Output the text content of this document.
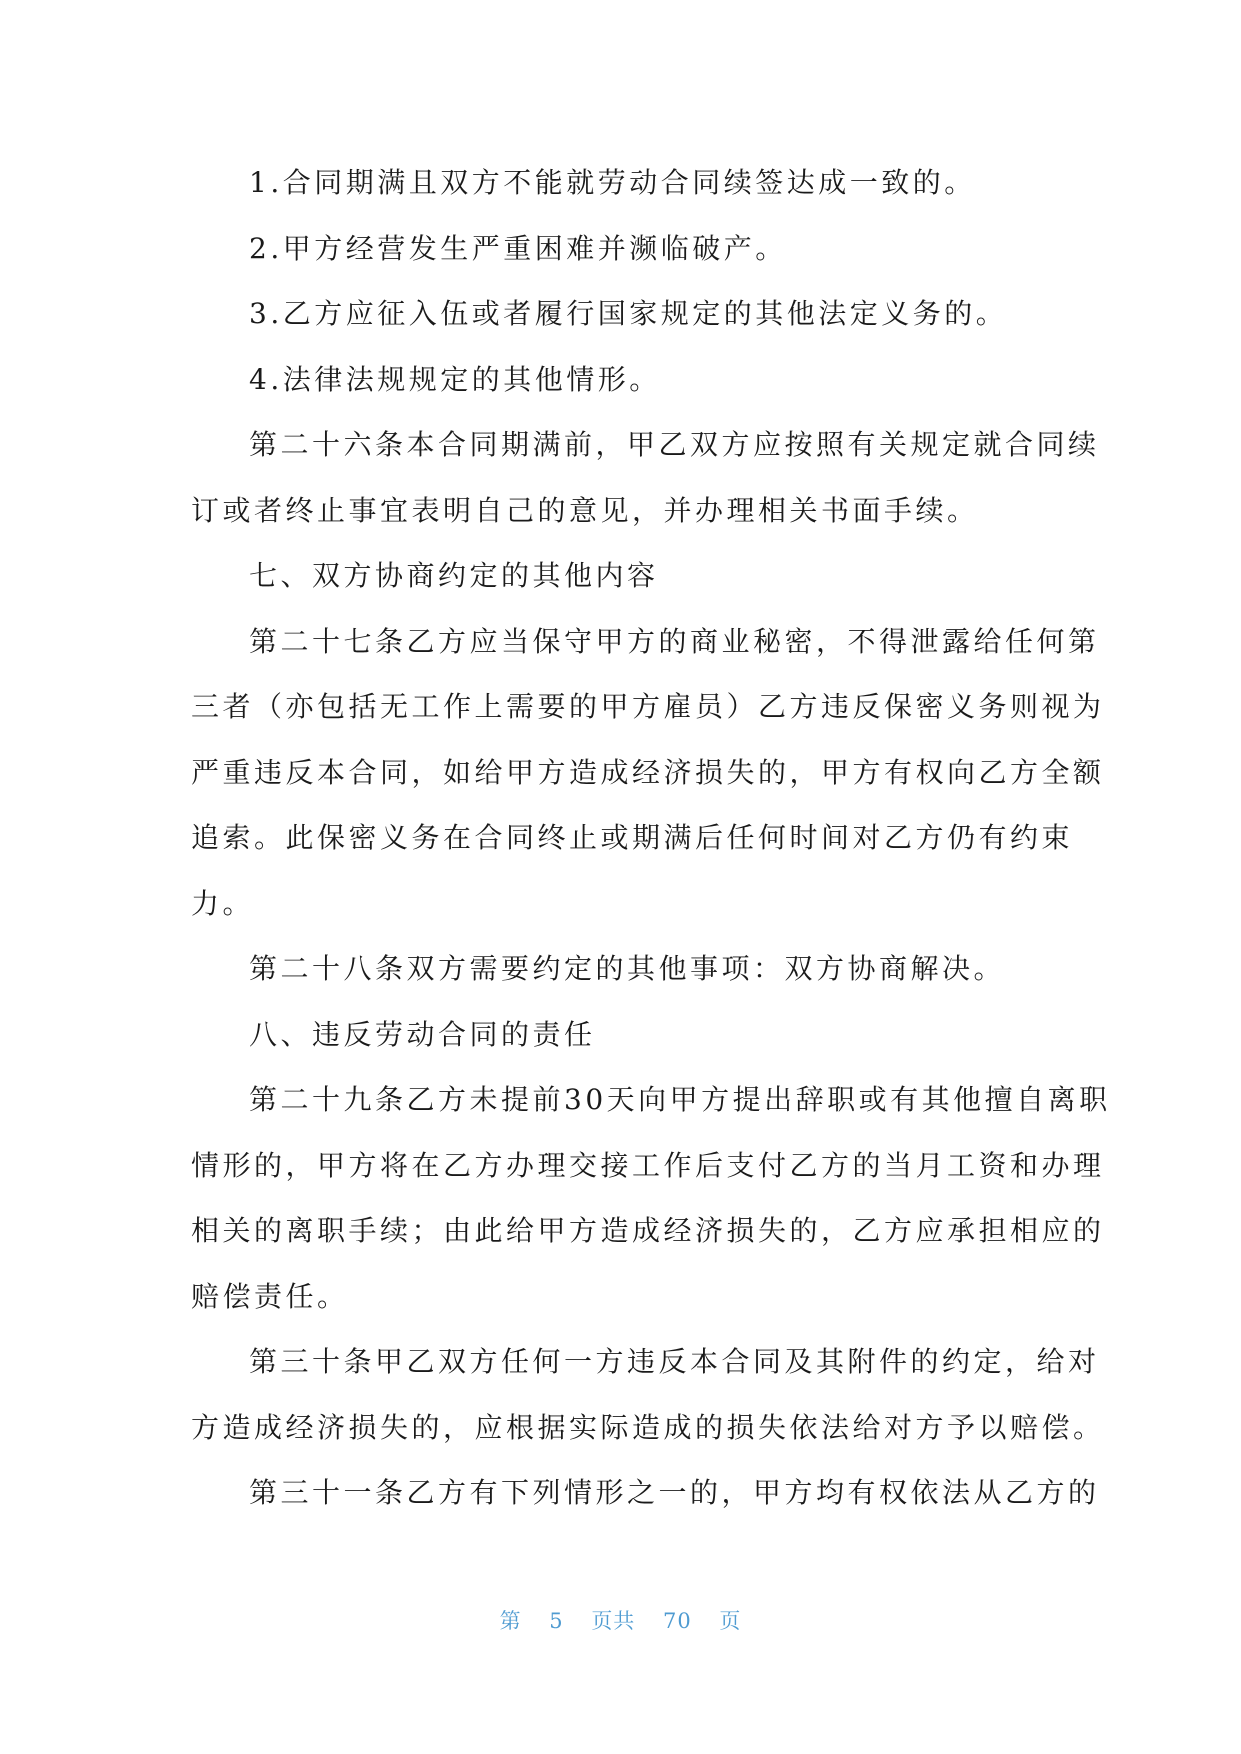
1.合同期满且双方不能就劳动合同续签达成一致的。

2.甲方经营发生严重困难并濒临破产。

3.乙方应征入伍或者履行国家规定的其他法定义务的。

4.法律法规规定的其他情形。

第二十六条本合同期满前，甲乙双方应按照有关规定就合同续

订或者终止事宜表明自己的意见，并办理相关书面手续。

七、双方协商约定的其他内容

第二十七条乙方应当保守甲方的商业秘密，不得泄露给任何第

三者（亦包括无工作上需要的甲方雇员）乙方违反保密义务则视为

严重违反本合同，如给甲方造成经济损失的，甲方有权向乙方全额

追索。此保密义务在合同终止或期满后任何时间对乙方仍有约束

力。

第二十八条双方需要约定的其他事项：双方协商解决。

八、违反劳动合同的责任

第二十九条乙方未提前30天向甲方提出辞职或有其他擅自离职

情形的，甲方将在乙方办理交接工作后支付乙方的当月工资和办理

相关的离职手续；由此给甲方造成经济损失的，乙方应承担相应的

赔偿责任。

第三十条甲乙双方任何一方违反本合同及其附件的约定，给对

方造成经济损失的，应根据实际造成的损失依法给对方予以赔偿。

第三十一条乙方有下列情形之一的，甲方均有权依法从乙方的

第 5 页共 70 页
